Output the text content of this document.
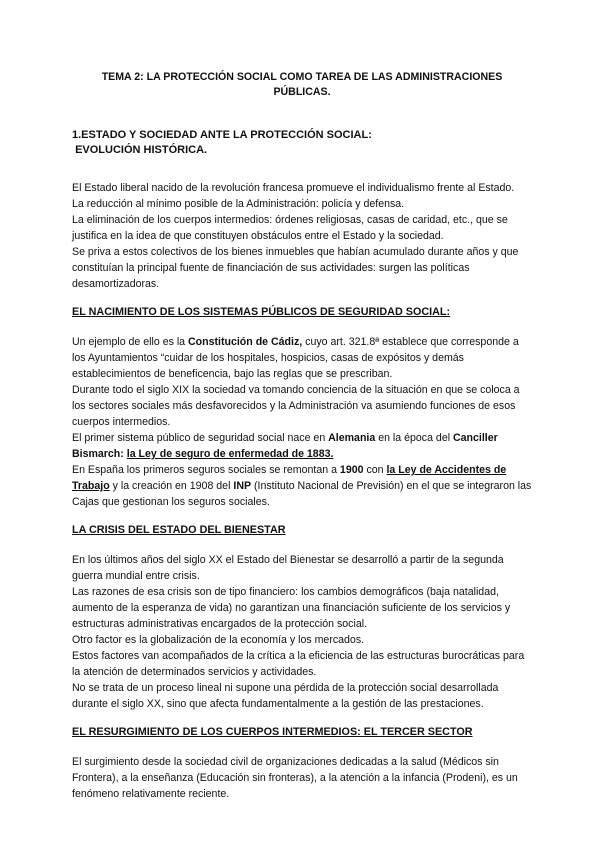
TEMA 2: LA PROTECCIÓN SOCIAL COMO TAREA DE LAS ADMINISTRACIONES
PÚBLICAS.
1.ESTADO Y SOCIEDAD ANTE LA PROTECCIÓN SOCIAL:
EVOLUCIÓN HISTÓRICA.

El Estado liberal nacido de la revolución francesa promueve el individualismo frente al Estado.

La reducción al mínimo posible de la Administración: policía y defensa.

La eliminación de los cuerpos intermedios: órdenes religiosas, casas de caridad, etc., que se justifica en la idea de que constituyen obstáculos entre el Estado y la sociedad.

Se priva a estos colectivos de los bienes inmuebles que habían acumulado durante años y que constituían la principal fuente de financiación de sus actividades: surgen las políticas desamortizadoras.

EL NACIMIENTO DE LOS SISTEMAS PÚBLICOS DE SEGURIDAD SOCIAL:

Un ejemplo de ello es la Constitución de Cádiz, cuyo art. 321.8ª establece que corresponde a los Ayuntamientos “cuidar de los hospitales, hospicios, casas de expósitos y demás establecimientos de beneficencia, bajo las reglas que se prescriban.

Durante todo el siglo XIX la sociedad va tomando conciencia de la situación en que se coloca a los sectores sociales más desfavorecidos y la Administración va asumiendo funciones de esos cuerpos intermedios.

El primer sistema público de seguridad social nace en Alemania en la época del Canciller Bismarch: la Ley de seguro de enfermedad de 1883.

En España los primeros seguros sociales se remontan a 1900 con la Ley de Accidentes de Trabajo y la creación en 1908 del INP (Instituto Nacional de Previsión) en el que se integraron las Cajas que gestionan los seguros sociales.

LA CRISIS DEL ESTADO DEL BIENESTAR

En los últimos años del siglo XX el Estado del Bienestar se desarrolló a partir de la segunda guerra mundial entre crisis.

Las razones de esa crisis son de tipo financiero: los cambios demográficos (baja natalidad, aumento de la esperanza de vida) no garantizan una financiación suficiente de los servicios y estructuras administrativas encargados de la protección social.

Otro factor es la globalización de la economía y los mercados.

Estos factores van acompañados de la crítica a la eficiencia de las estructuras burocráticas para la atención de determinados servicios y actividades.

No se trata de un proceso lineal ni supone una pérdida de la protección social desarrollada durante el siglo XX, sino que afecta fundamentalmente a la gestión de las prestaciones.

EL RESURGIMIENTO DE LOS CUERPOS INTERMEDIOS: EL TERCER SECTOR

El surgimiento desde la sociedad civil de organizaciones dedicadas a la salud (Médicos sin Frontera), a la enseñanza (Educación sin fronteras), a la atención a la infancia (Prodeni), es un fenómeno relativamente reciente.
